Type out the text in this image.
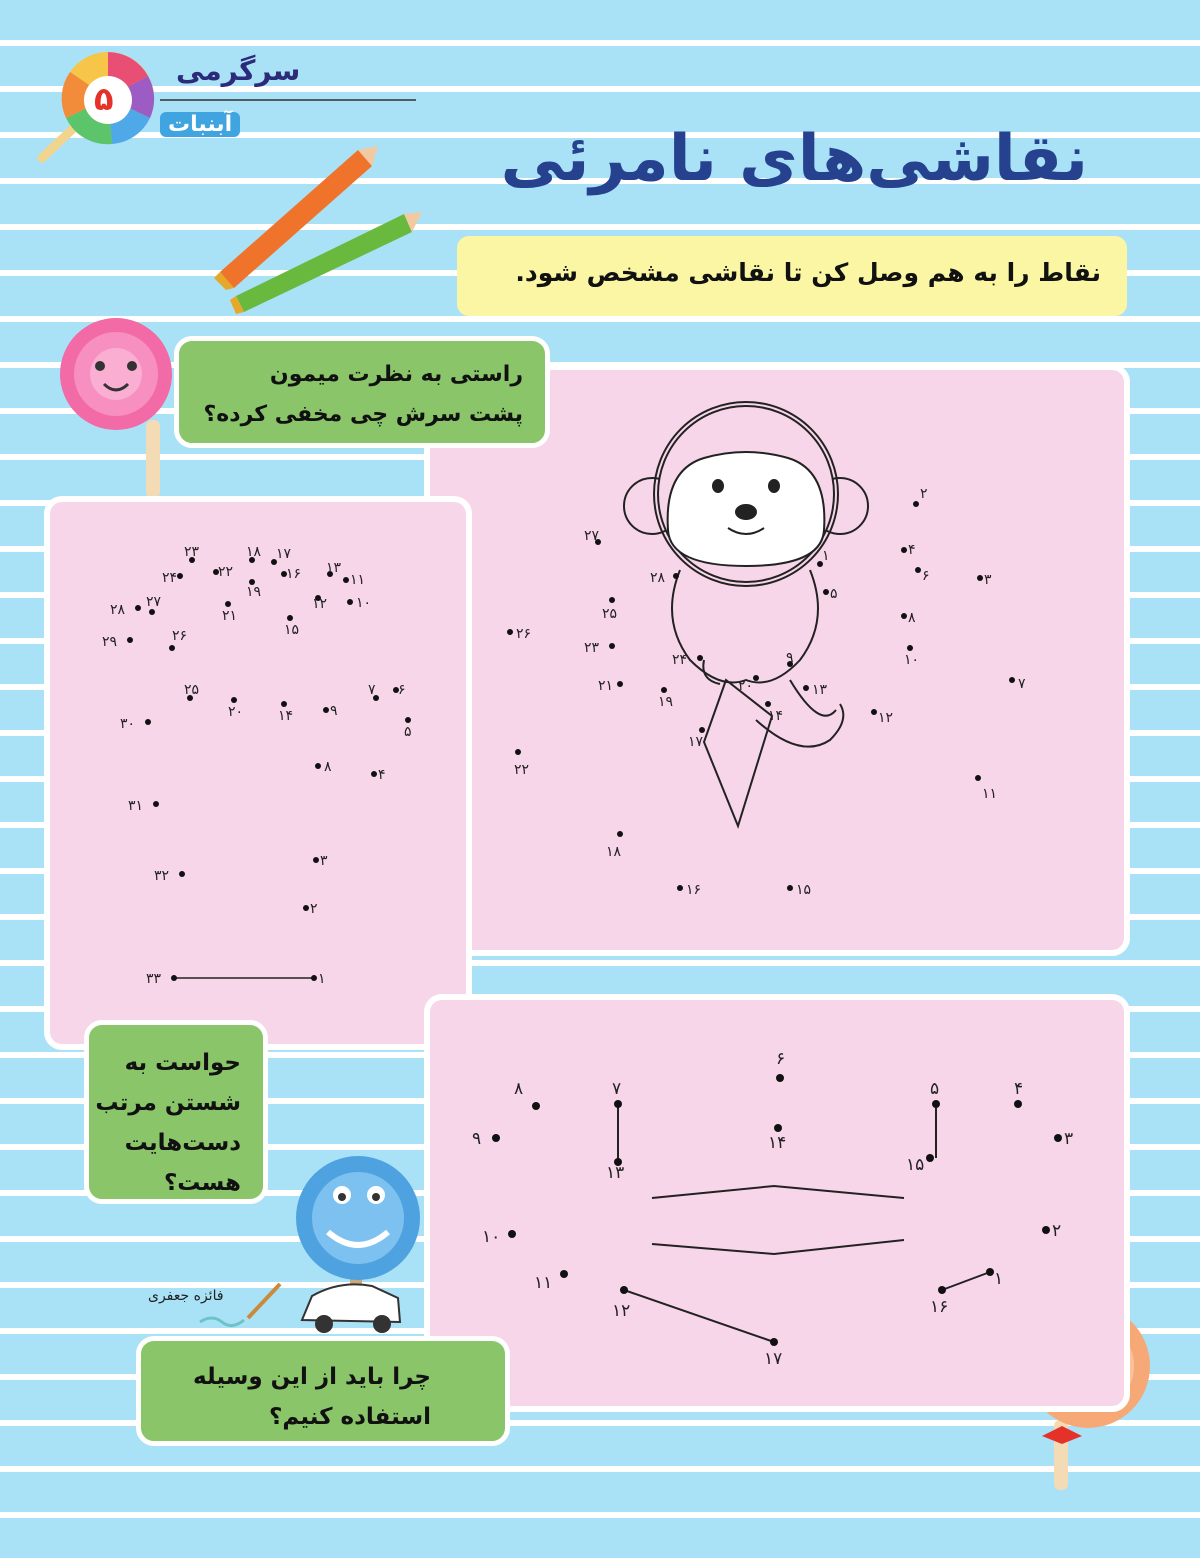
سرگرمی
آبنبات
۵
نقاشی‌های نامرئی
نقاط را به هم وصل کن تا نقاشی مشخص شود.
۱
۲
۳
۴
۵
۶
۷
۸
۹
۱۰
۱۱
۱۲
۱۳
۱۴
۱۵
۱۶
۱۷
۱۸
۱۹
۲۰
۲۱
۲۲
۲۳
۲۴
۲۵
۲۶
۲۷
۲۸
۲۹
۳۰
۳۱
۳۲
۳۳
۱
۲
۳
۴
۵
۶
۷
۸
۹	۱۰
۱۱
۱۲
۱۳
۱۴
۱۵
۱۶
۱۷
۱۸
۱۹
۲۰
۲۱
۲۲
۲۳
۲۴
۲۵
۲۶
۲۷
۲۸
۱
۲
۳
۴
۵
۶
۷
۸
۹
۱۰
۱۱
۱۲
۱۳
۱۴
۱۵
۱۶
۱۷
راستی به نظرت میمون
پشت سرش چی مخفی کرده؟
حواست به
شستن مرتب
دست‌هایت
هست؟
چرا باید از این وسیله
استفاده کنیم؟
فائزه جعفری
